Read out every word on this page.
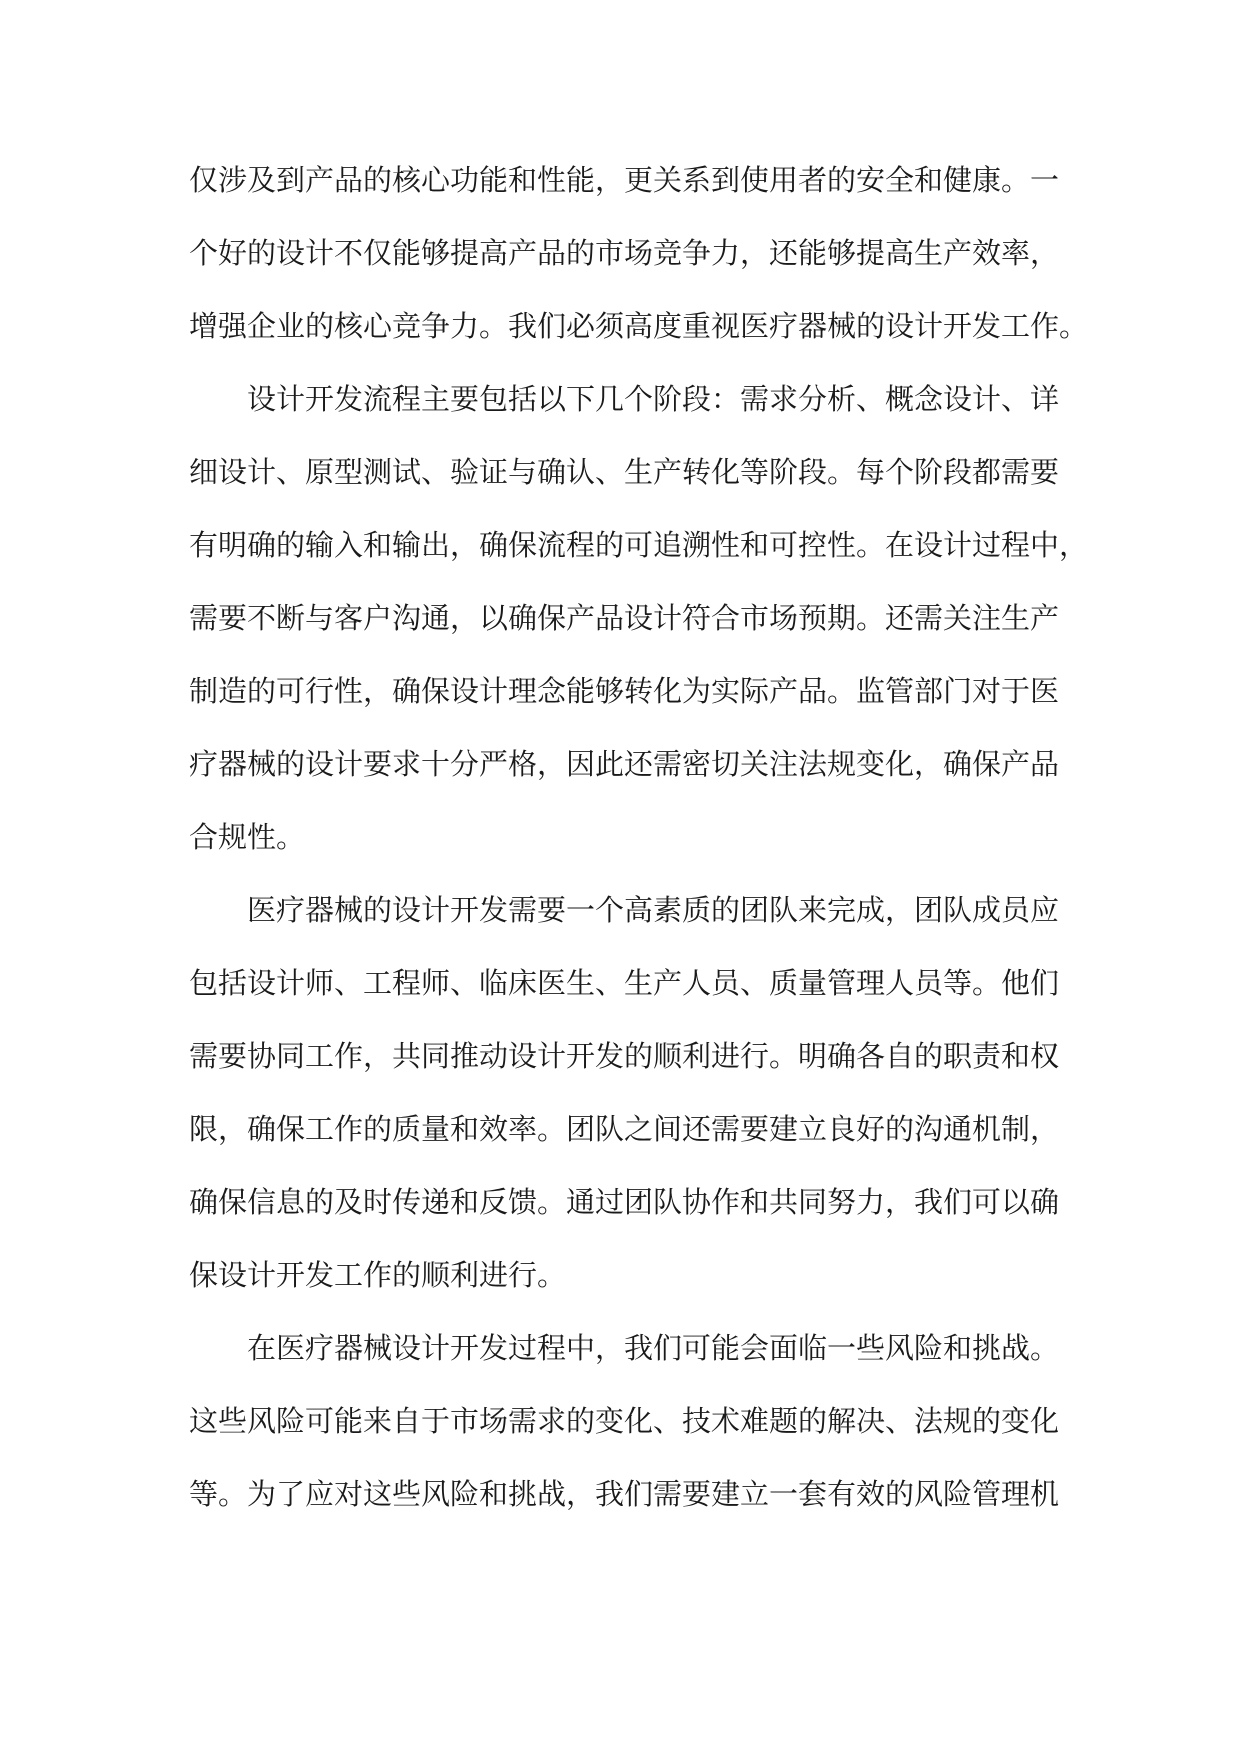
仅涉及到产品的核心功能和性能，更关系到使用者的安全和健康。一
个好的设计不仅能够提高产品的市场竞争力，还能够提高生产效率，
增强企业的核心竞争力。我们必须高度重视医疗器械的设计开发工作。
设计开发流程主要包括以下几个阶段：需求分析、概念设计、详
细设计、原型测试、验证与确认、生产转化等阶段。每个阶段都需要
有明确的输入和输出，确保流程的可追溯性和可控性。在设计过程中，
需要不断与客户沟通，以确保产品设计符合市场预期。还需关注生产
制造的可行性，确保设计理念能够转化为实际产品。监管部门对于医
疗器械的设计要求十分严格，因此还需密切关注法规变化，确保产品
合规性。
医疗器械的设计开发需要一个高素质的团队来完成，团队成员应
包括设计师、工程师、临床医生、生产人员、质量管理人员等。他们
需要协同工作，共同推动设计开发的顺利进行。明确各自的职责和权
限，确保工作的质量和效率。团队之间还需要建立良好的沟通机制，
确保信息的及时传递和反馈。通过团队协作和共同努力，我们可以确
保设计开发工作的顺利进行。
在医疗器械设计开发过程中，我们可能会面临一些风险和挑战。
这些风险可能来自于市场需求的变化、技术难题的解决、法规的变化
等。为了应对这些风险和挑战，我们需要建立一套有效的风险管理机
